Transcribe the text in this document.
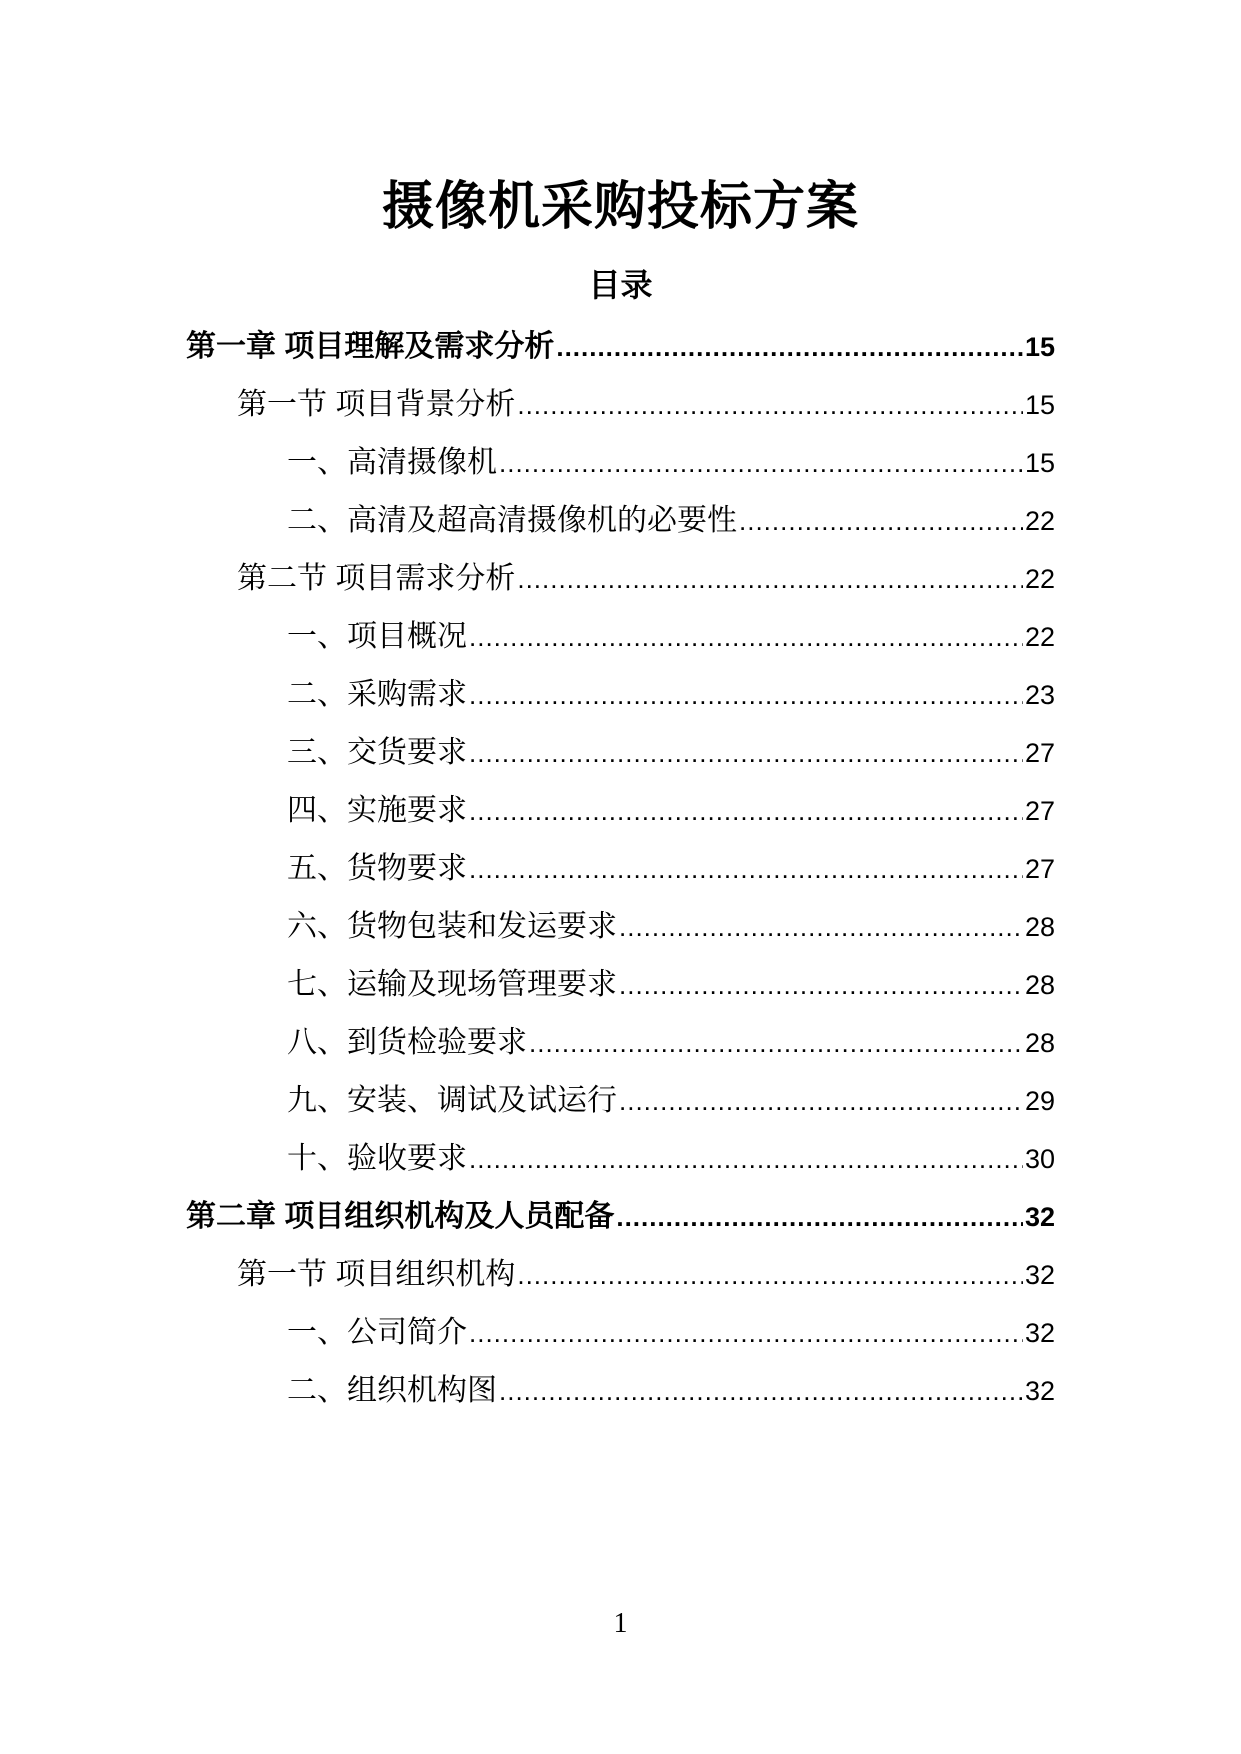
摄像机采购投标方案
目录
第一章 项目理解及需求分析 .....	15
第一节 项目背景分析 .....	15
一、高清摄像机 .....	15
二、高清及超高清摄像机的必要性 .....	22
第二节 项目需求分析 .....	22
一、项目概况 .....	22
二、采购需求 .....	23
三、交货要求 .....	27
四、实施要求 .....	27
五、货物要求 .....	27
六、货物包装和发运要求 .....	28
七、运输及现场管理要求 .....	28
八、到货检验要求 .....	28
九、安装、调试及试运行 .....	29
十、验收要求 .....	30
第二章 项目组织机构及人员配备 .....	32
第一节 项目组织机构 .....	32
一、公司简介 .....	32
二、组织机构图 .....	32
1
